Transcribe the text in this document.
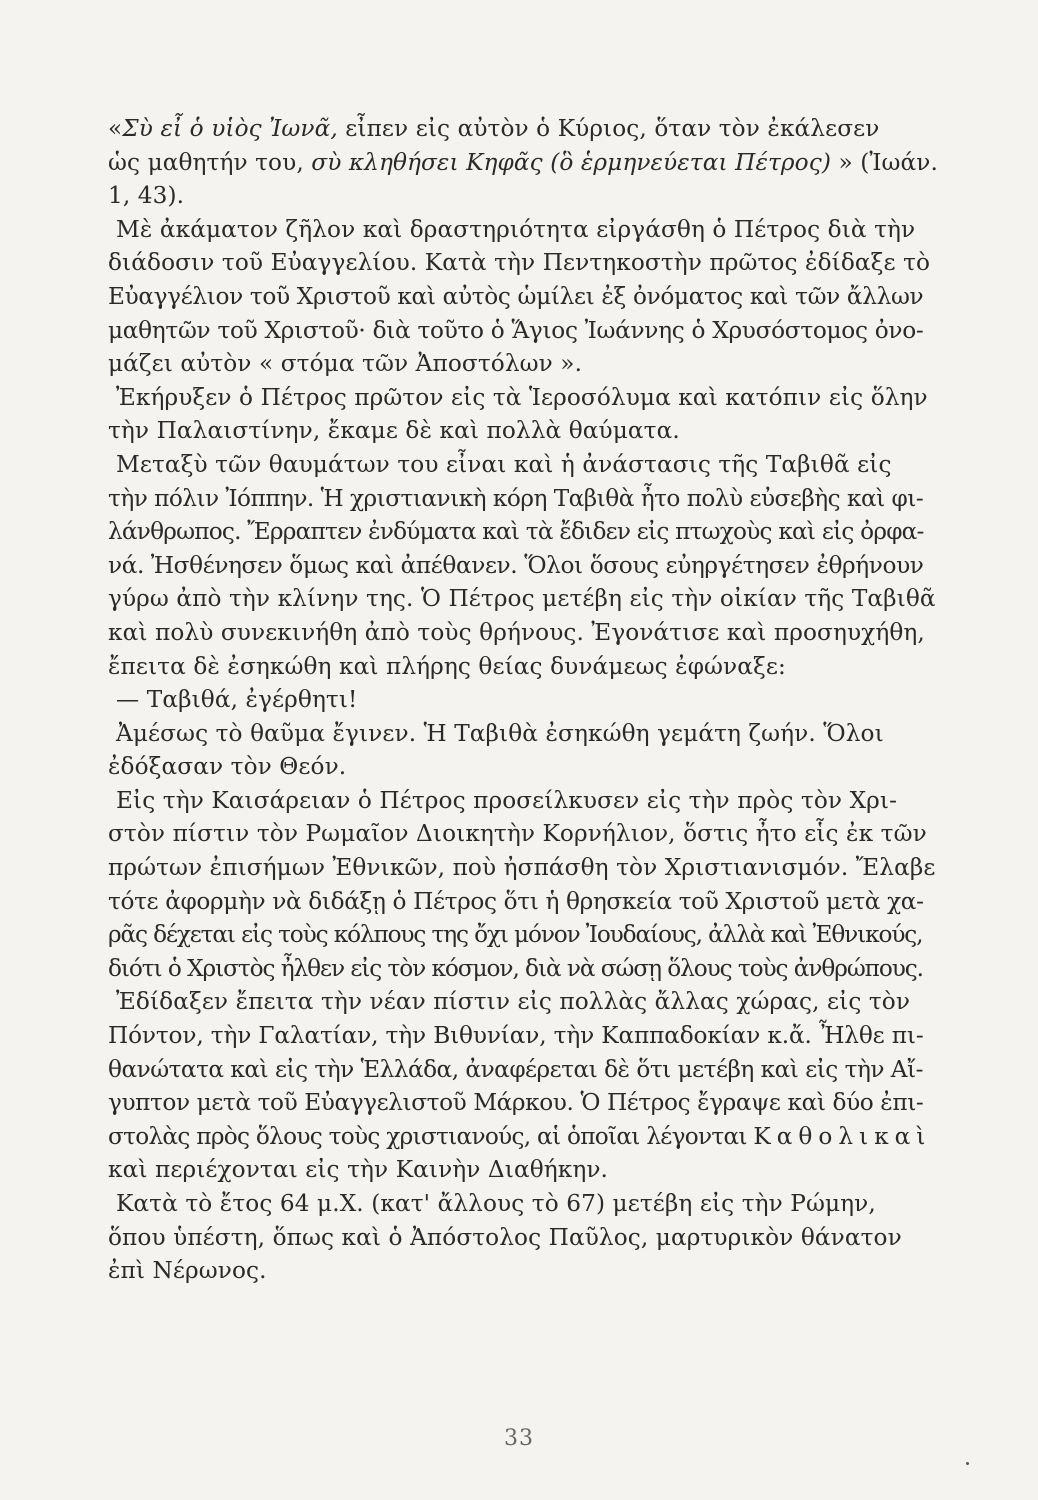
«Σὺ εἶ ὁ υἱὸς Ἰωνᾶ, εἶπεν εἰς αὐτὸν ὁ Κύριος, ὅταν τὸν ἐκάλεσεν
ὡς μαθητήν του, σὺ κληθήσει Κηφᾶς (ὃ ἑρμηνεύεται Πέτρος) » (Ἰωάν.
1, 43).
Μὲ ἀκάματον ζῆλον καὶ δραστηριότητα εἰργάσθη ὁ Πέτρος διὰ τὴν
διάδοσιν τοῦ Εὐαγγελίου. Κατὰ τὴν Πεντηκοστὴν πρῶτος ἐδίδαξε τὸ
Εὐαγγέλιον τοῦ Χριστοῦ καὶ αὐτὸς ὡμίλει ἐξ ὀνόματος καὶ τῶν ἄλλων
μαθητῶν τοῦ Χριστοῦ· διὰ τοῦτο ὁ Ἅγιος Ἰωάννης ὁ Χρυσόστομος ὀνο-
μάζει αὐτὸν « στόμα τῶν Ἀποστόλων ».
Ἐκήρυξεν ὁ Πέτρος πρῶτον εἰς τὰ Ἱεροσόλυμα καὶ κατόπιν εἰς ὅλην
τὴν Παλαιστίνην, ἔκαμε δὲ καὶ πολλὰ θαύματα.
Μεταξὺ τῶν θαυμάτων του εἶναι καὶ ἡ ἀνάστασις τῆς Ταβιθᾶ εἰς
τὴν πόλιν Ἰόππην. Ἡ χριστιανικὴ κόρη Ταβιθὰ ἦτο πολὺ εὐσεβὴς καὶ φι-
λάνθρωπος. Ἔρραπτεν ἐνδύματα καὶ τὰ ἔδιδεν εἰς πτωχοὺς καὶ εἰς ὀρφα-
νά. Ἠσθένησεν ὅμως καὶ ἀπέθανεν. Ὅλοι ὅσους εὐηργέτησεν ἐθρήνουν
γύρω ἀπὸ τὴν κλίνην της. Ὁ Πέτρος μετέβη εἰς τὴν οἰκίαν τῆς Ταβιθᾶ
καὶ πολὺ συνεκινήθη ἀπὸ τοὺς θρήνους. Ἐγονάτισε καὶ προσηυχήθη,
ἔπειτα δὲ ἐσηκώθη καὶ πλήρης θείας δυνάμεως ἐφώναξε:
— Ταβιθά, ἐγέρθητι!
Ἀμέσως τὸ θαῦμα ἔγινεν. Ἡ Ταβιθὰ ἐσηκώθη γεμάτη ζωήν. Ὅλοι
ἐδόξασαν τὸν Θεόν.
Εἰς τὴν Καισάρειαν ὁ Πέτρος προσείλκυσεν εἰς τὴν πρὸς τὸν Χρι-
στὸν πίστιν τὸν Ρωμαῖον Διοικητὴν Κορνήλιον, ὅστις ἦτο εἷς ἐκ τῶν
πρώτων ἐπισήμων Ἐθνικῶν, ποὺ ἠσπάσθη τὸν Χριστιανισμόν. Ἔλαβε
τότε ἀφορμὴν νὰ διδάξῃ ὁ Πέτρος ὅτι ἡ θρησκεία τοῦ Χριστοῦ μετὰ χα-
ρᾶς δέχεται εἰς τοὺς κόλπους της ὄχι μόνον Ἰουδαίους, ἀλλὰ καὶ Ἐθνικούς,
διότι ὁ Χριστὸς ἦλθεν εἰς τὸν κόσμον, διὰ νὰ σώσῃ ὅλους τοὺς ἀνθρώπους.
Ἐδίδαξεν ἔπειτα τὴν νέαν πίστιν εἰς πολλὰς ἄλλας χώρας, εἰς τὸν
Πόντον, τὴν Γαλατίαν, τὴν Βιθυνίαν, τὴν Καππαδοκίαν κ.ἄ. Ἦλθε πι-
θανώτατα καὶ εἰς τὴν Ἑλλάδα, ἀναφέρεται δὲ ὅτι μετέβη καὶ εἰς τὴν Αἴ-
γυπτον μετὰ τοῦ Εὐαγγελιστοῦ Μάρκου. Ὁ Πέτρος ἔγραψε καὶ δύο ἐπι-
στολὰς πρὸς ὅλους τοὺς χριστιανούς, αἱ ὁποῖαι λέγονται Καθολικαὶ
καὶ περιέχονται εἰς τὴν Καινὴν Διαθήκην.
Κατὰ τὸ ἔτος 64 μ.Χ. (κατ' ἄλλους τὸ 67) μετέβη εἰς τὴν Ρώμην,
ὅπου ὑπέστη, ὅπως καὶ ὁ Ἀπόστολος Παῦλος, μαρτυρικὸν θάνατον
ἐπὶ Νέρωνος.
33
